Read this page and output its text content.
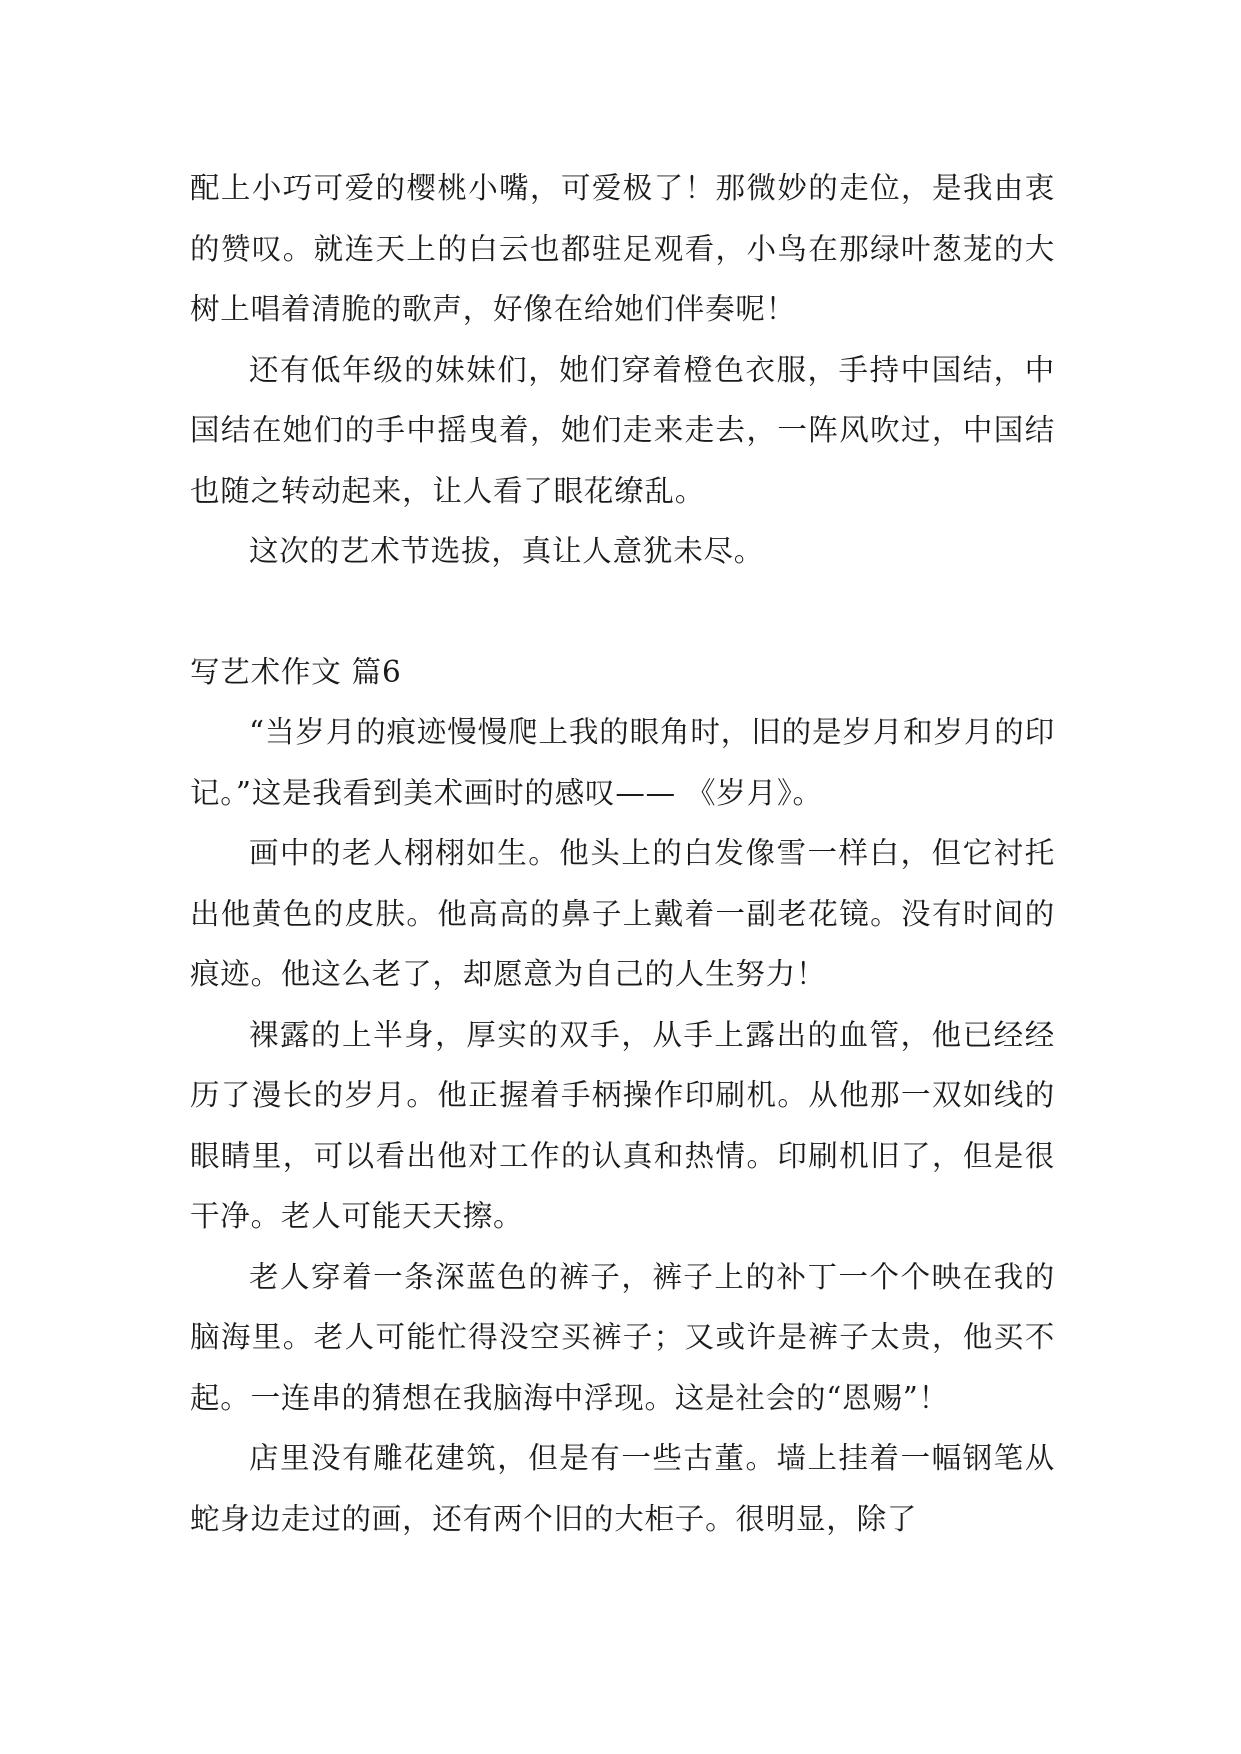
配上小巧可爱的樱桃小嘴，可爱极了！那微妙的走位，是我由衷的赞叹。就连天上的白云也都驻足观看，小鸟在那绿叶葱茏的大树上唱着清脆的歌声，好像在给她们伴奏呢！

还有低年级的妹妹们，她们穿着橙色衣服，手持中国结，中国结在她们的手中摇曳着，她们走来走去，一阵风吹过，中国结也随之转动起来，让人看了眼花缭乱。

这次的艺术节选拔，真让人意犹未尽。

写艺术作文 篇6

“当岁月的痕迹慢慢爬上我的眼角时，旧的是岁月和岁月的印记。”这是我看到美术画时的感叹—— 《岁月》。

画中的老人栩栩如生。他头上的白发像雪一样白，但它衬托出他黄色的皮肤。他高高的鼻子上戴着一副老花镜。没有时间的痕迹。他这么老了，却愿意为自己的人生努力！

裸露的上半身，厚实的双手，从手上露出的血管，他已经经历了漫长的岁月。他正握着手柄操作印刷机。从他那一双如线的眼睛里，可以看出他对工作的认真和热情。印刷机旧了，但是很干净。老人可能天天擦。

老人穿着一条深蓝色的裤子，裤子上的补丁一个个映在我的脑海里。老人可能忙得没空买裤子；又或许是裤子太贵，他买不起。一连串的猜想在我脑海中浮现。这是社会的“恩赐”！

店里没有雕花建筑，但是有一些古董。墙上挂着一幅钢笔从蛇身边走过的画，还有两个旧的大柜子。很明显，除了
